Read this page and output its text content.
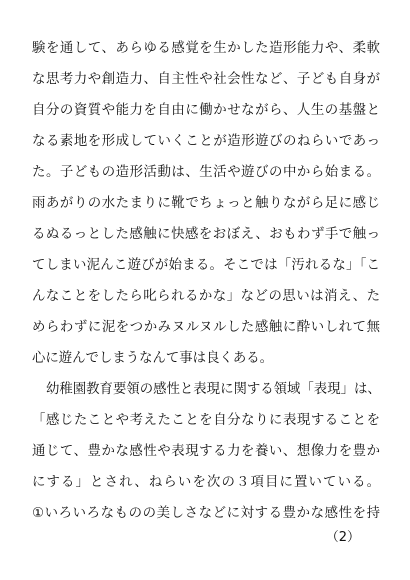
験を通して、あらゆる感覚を生かした造形能力や、柔軟
な思考力や創造力、自主性や社会性など、子ども自身が
自分の資質や能力を自由に働かせながら、人生の基盤と
なる素地を形成していくことが造形遊びのねらいであっ
た。子どもの造形活動は、生活や遊びの中から始まる。
雨あがりの水たまりに靴でちょっと触りながら足に感じ
るぬるっとした感触に快感をおぼえ、おもわず手で触っ
てしまい泥んこ遊びが始まる。そこでは「汚れるな」「こ
んなことをしたら叱られるかな」などの思いは消え、た
めらわずに泥をつかみヌルヌルした感触に酔いしれて無
心に遊んでしまうなんて事は良くある。
幼稚園教育要領の感性と表現に関する領域「表現」は、
「感じたことや考えたことを自分なりに表現することを
通じて、豊かな感性や表現する力を養い、想像力を豊か
にする」とされ、ねらいを次の３項目に置いている。
①いろいろなものの美しさなどに対する豊かな感性を持
（2）
